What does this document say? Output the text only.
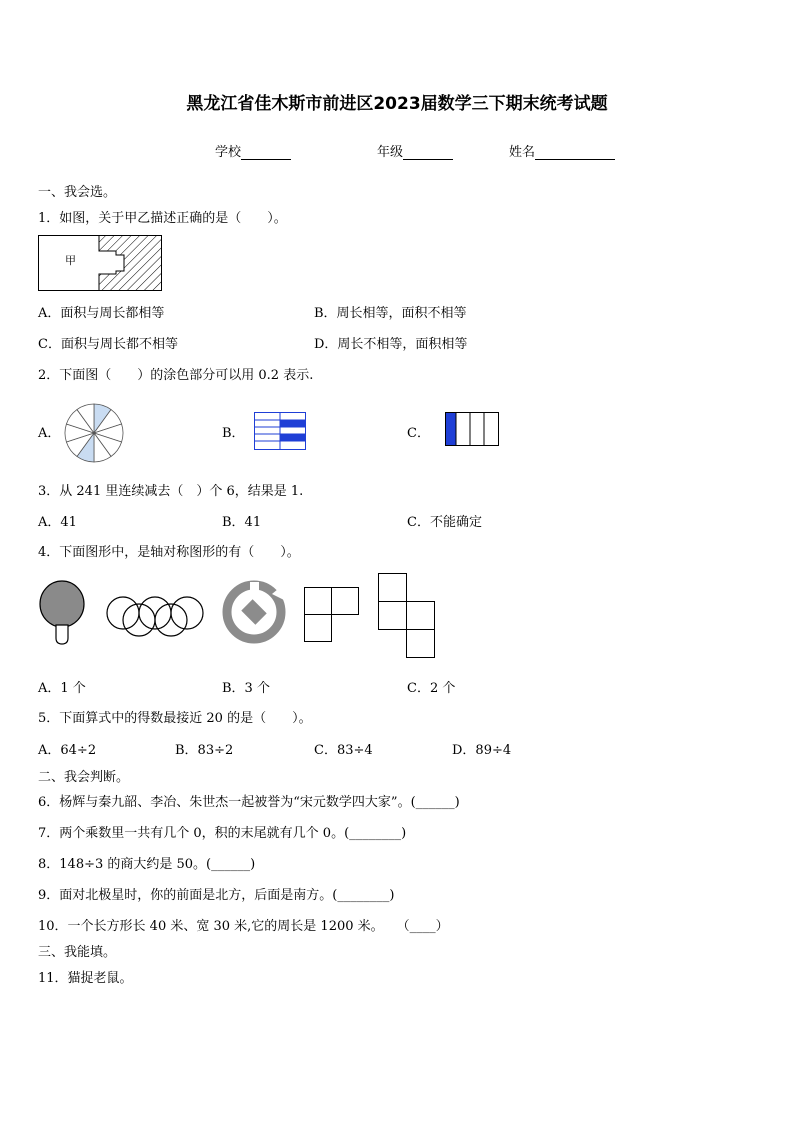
黑龙江省佳木斯市前进区2023届数学三下期末统考试题
学校	年级	姓名
一、我会选。
1．如图，关于甲乙描述正确的是（　　）。
甲
A．面积与周长都相等	B．周长相等，面积不相等
C．面积与周长都不相等	D．周长不相等，面积相等
2．下面图（　　）的涂色部分可以用 0.2 表示.
A．	B．	C．
3．从 241 里连续减去（　）个 6，结果是 1.
A．41	B．41	C．不能确定
4．下面图形中，是轴对称图形的有（　　）。
A．1 个	B．3 个	C．2 个
5．下面算式中的得数最接近 20 的是（　　）。
A．64÷2	B．83÷2	C．83÷4	D．89÷4
二、我会判断。
6．杨辉与秦九韶、李冶、朱世杰一起被誉为“宋元数学四大家”。(______)
7．两个乘数里一共有几个 0，积的末尾就有几个 0。(________)
8．148÷3 的商大约是 50。(______)
9．面对北极星时，你的前面是北方，后面是南方。(________)
10．一个长方形长 40 米、宽 30 米,它的周长是 1200 米。　　（____）
三、我能填。
11．猫捉老鼠。
